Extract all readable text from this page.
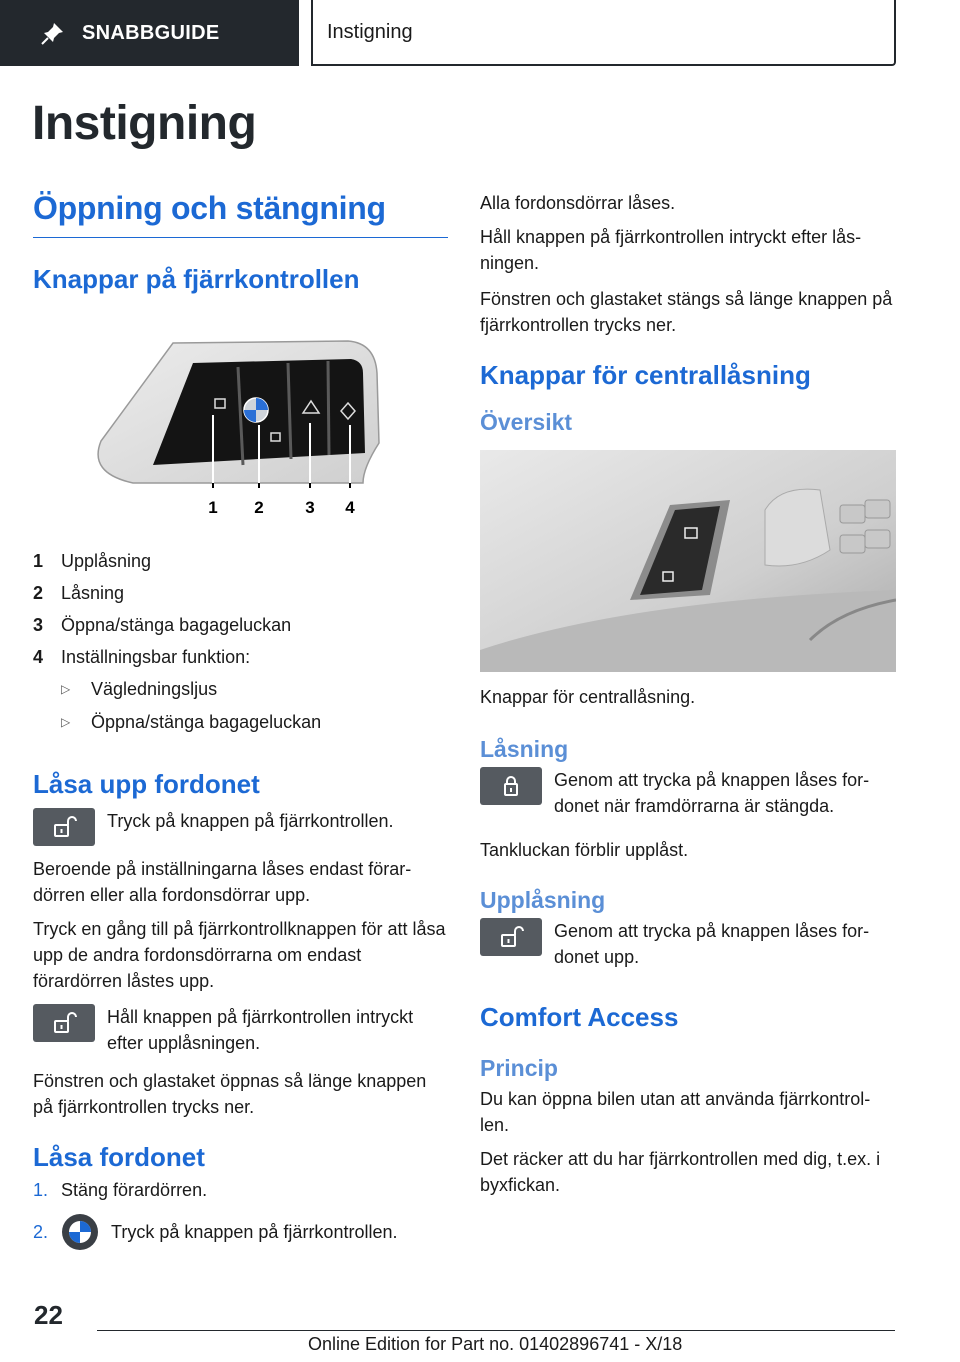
SNABBGUIDE	Instigning
Instigning
Öppning och stängning
Knappar på fjärrkontrollen
1 2 3 4
1 Upplåsning
2 Låsning
3 Öppna/stänga bagageluckan
4 Inställningsbar funktion:
▷	Vägledningsljus
▷	Öppna/stänga bagageluckan
Låsa upp fordonet
Tryck på knappen på fjärrkontrollen.

Beroende på inställningarna låses endast förar-dörren eller alla fordonsdörrar upp.

Tryck en gång till på fjärrkontrollknappen för att låsa upp de andra fordonsdörrarna om endast förardörren låstes upp.

Håll knappen på fjärrkontrollen intryckt efter upplåsningen.

Fönstren och glastaket öppnas så länge knappen på fjärrkontrollen trycks ner.

Låsa fordonet
1. Stäng förardörren.
2.	Tryck på knappen på fjärrkontrollen.

Alla fordonsdörrar låses.

Håll knappen på fjärrkontrollen intryckt efter lås-ningen.

Fönstren och glastaket stängs så länge knappen på fjärrkontrollen trycks ner.

Knappar för centrallåsning
Översikt

Knappar för centrallåsning.

Låsning
Genom att trycka på knappen låses for-donet när framdörrarna är stängda.

Tankluckan förblir upplåst.

Upplåsning
Genom att trycka på knappen låses for-donet upp.
Comfort Access
Princip

Du kan öppna bilen utan att använda fjärrkontrol-len.

Det räcker att du har fjärrkontrollen med dig, t.ex. i byxfickan.

22
Online Edition for Part no. 01402896741 - X/18
